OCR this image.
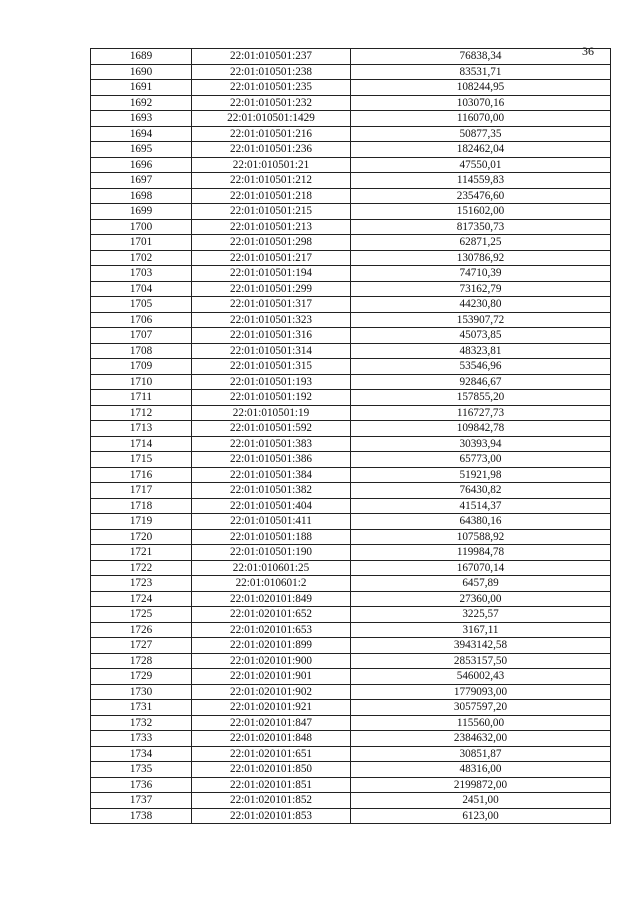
36
1689	22:01:010501:237	76838,34
1690	22:01:010501:238	83531,71
1691	22:01:010501:235	108244,95
1692	22:01:010501:232	103070,16
1693	22:01:010501:1429	116070,00
1694	22:01:010501:216	50877,35
1695	22:01:010501:236	182462,04
1696	22:01:010501:21	47550,01
1697	22:01:010501:212	114559,83
1698	22:01:010501:218	235476,60
1699	22:01:010501:215	151602,00
1700	22:01:010501:213	817350,73
1701	22:01:010501:298	62871,25
1702	22:01:010501:217	130786,92
1703	22:01:010501:194	74710,39
1704	22:01:010501:299	73162,79
1705	22:01:010501:317	44230,80
1706	22:01:010501:323	153907,72
1707	22:01:010501:316	45073,85
1708	22:01:010501:314	48323,81
1709	22:01:010501:315	53546,96
1710	22:01:010501:193	92846,67
1711	22:01:010501:192	157855,20
1712	22:01:010501:19	116727,73
1713	22:01:010501:592	109842,78
1714	22:01:010501:383	30393,94
1715	22:01:010501:386	65773,00
1716	22:01:010501:384	51921,98
1717	22:01:010501:382	76430,82
1718	22:01:010501:404	41514,37
1719	22:01:010501:411	64380,16
1720	22:01:010501:188	107588,92
1721	22:01:010501:190	119984,78
1722	22:01:010601:25	167070,14
1723	22:01:010601:2	6457,89
1724	22:01:020101:849	27360,00
1725	22:01:020101:652	3225,57
1726	22:01:020101:653	3167,11
1727	22:01:020101:899	3943142,58
1728	22:01:020101:900	2853157,50
1729	22:01:020101:901	546002,43
1730	22:01:020101:902	1779093,00
1731	22:01:020101:921	3057597,20
1732	22:01:020101:847	115560,00
1733	22:01:020101:848	2384632,00
1734	22:01:020101:651	30851,87
1735	22:01:020101:850	48316,00
1736	22:01:020101:851	2199872,00
1737	22:01:020101:852	2451,00
1738	22:01:020101:853	6123,00
